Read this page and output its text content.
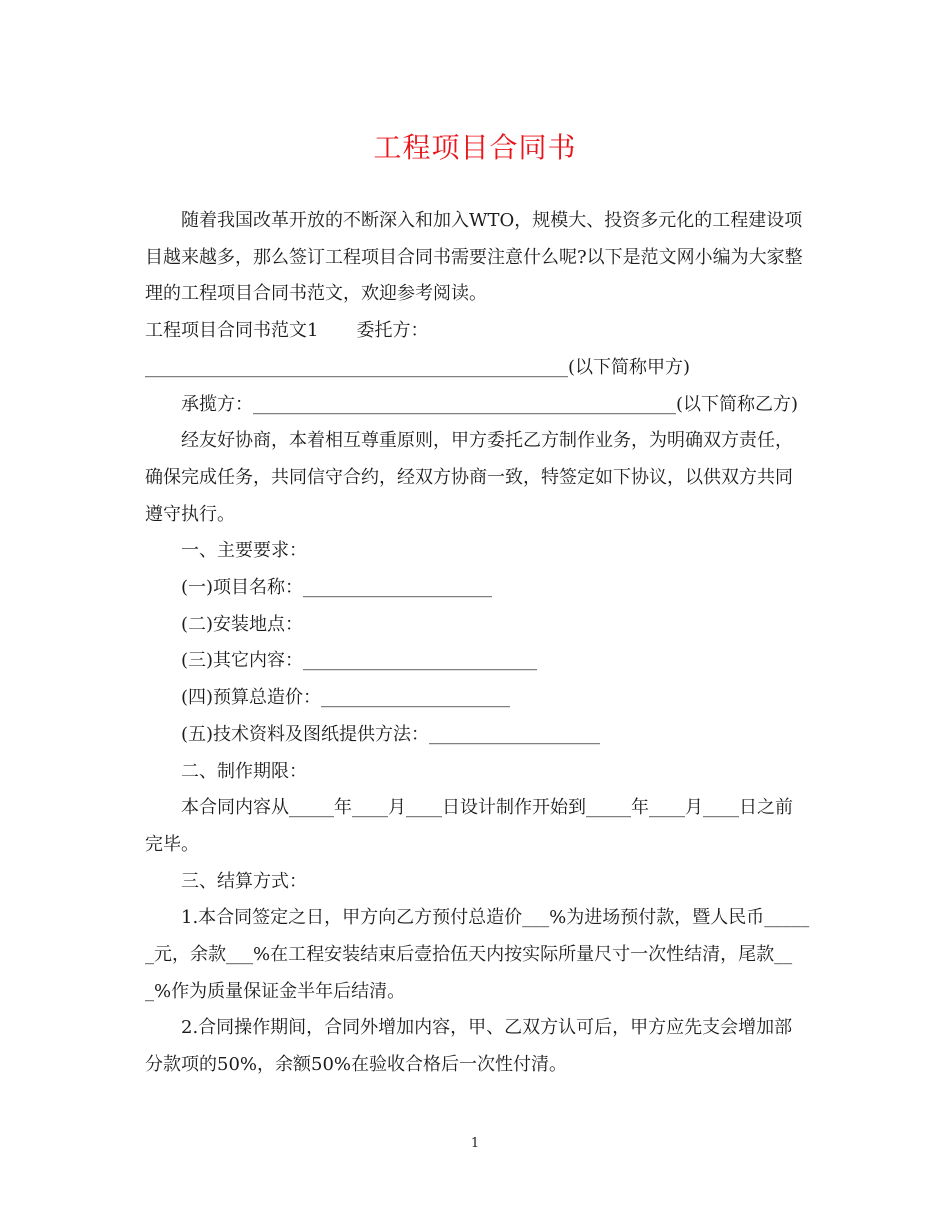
工程项目合同书

随着我国改革开放的不断深入和加入WTO，规模大、投资多元化的工程建设项目越来越多，那么签订工程项目合同书需要注意什么呢?以下是范文网小编为大家整理的工程项目合同书范文，欢迎参考阅读。

工程项目合同书范文1 委托方：

_______________________________________________(以下简称甲方)

承揽方：_______________________________________________(以下简称乙方)

经友好协商，本着相互尊重原则，甲方委托乙方制作业务，为明确双方责任，确保完成任务，共同信守合约，经双方协商一致，特签定如下协议，以供双方共同遵守执行。

一、主要要求：

(一)项目名称：_____________________

(二)安装地点：

(三)其它内容：__________________________

(四)预算总造价：_____________________

(五)技术资料及图纸提供方法：___________________

二、制作期限：

本合同内容从_____年____月____日设计制作开始到_____年____月____日之前完毕。

三、结算方式：

1.本合同签定之日，甲方向乙方预付总造价___%为进场预付款，暨人民币______元，余款___%在工程安装结束后壹拾伍天内按实际所量尺寸一次性结清，尾款___%作为质量保证金半年后结清。

2.合同操作期间，合同外增加内容，甲、乙双方认可后，甲方应先支会增加部分款项的50%，余额50%在验收合格后一次性付清。

1
